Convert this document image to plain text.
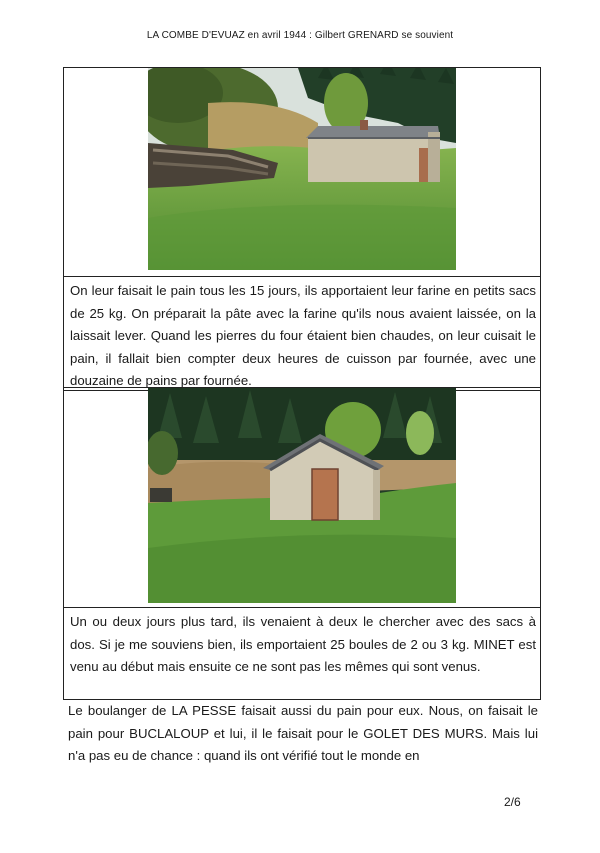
LA COMBE D'EVUAZ en avril 1944 : Gilbert GRENARD se souvient
On leur faisait le pain tous les 15 jours, ils apportaient leur farine en petits sacs de 25 kg. On préparait la pâte avec la farine qu'ils nous avaient laissée, on la laissait lever. Quand les pierres du four étaient bien chaudes, on leur cuisait le pain, il fallait bien compter deux heures de cuisson par fournée, avec une douzaine de pains par fournée.
Un ou deux jours plus tard, ils venaient à deux le chercher avec des sacs à dos. Si je me souviens bien, ils emportaient 25 boules de 2 ou 3 kg. MINET est venu au début mais ensuite ce ne sont pas les mêmes qui sont venus.
Le boulanger de LA PESSE faisait aussi du pain pour eux. Nous, on faisait le pain pour BUCLALOUP et lui, il le faisait pour le GOLET DES MURS. Mais lui n'a pas eu de chance : quand ils ont vérifié tout le monde en
2/6
